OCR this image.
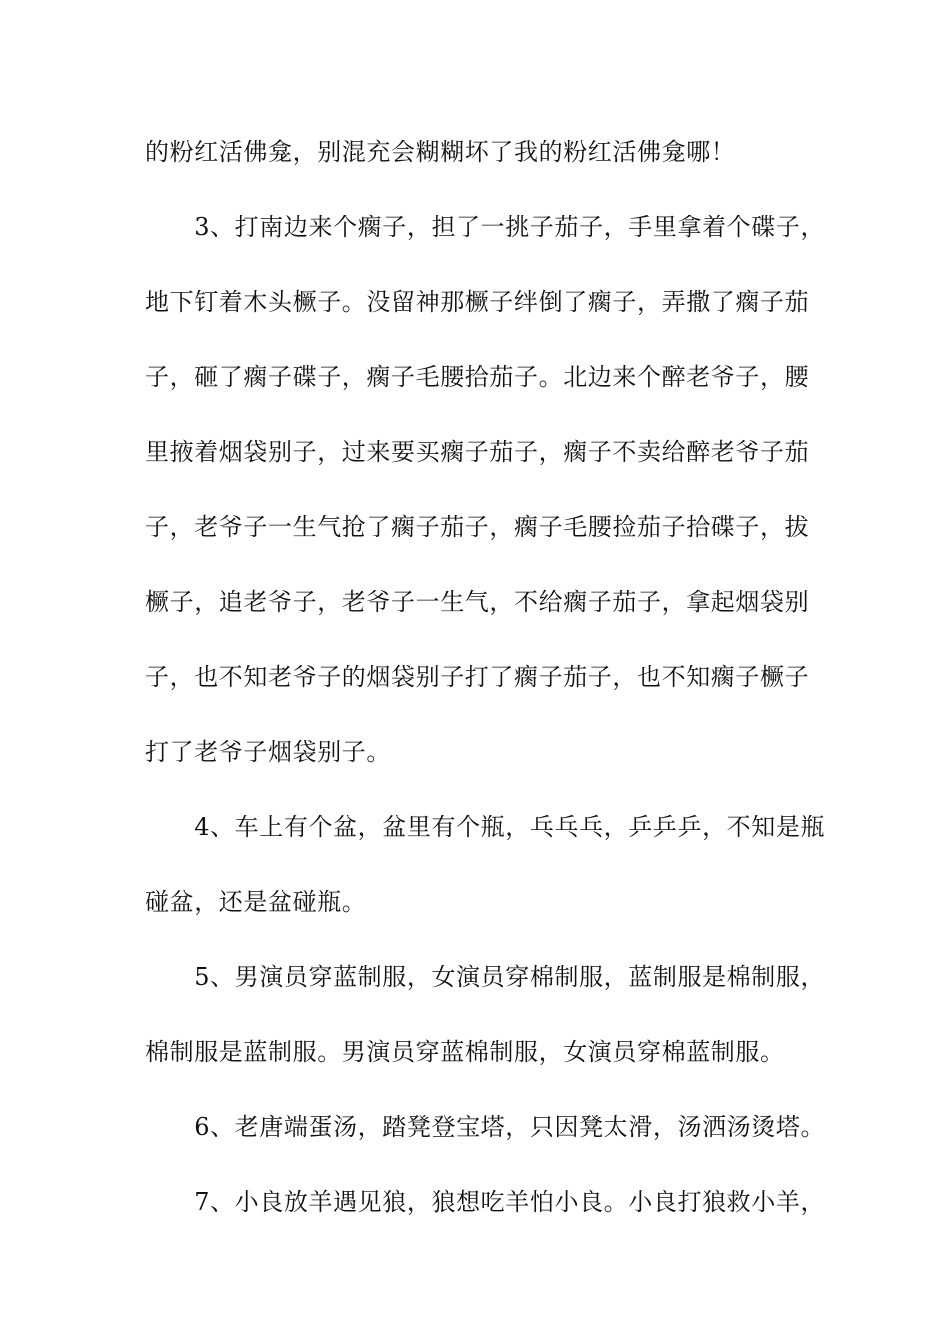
的粉红活佛龛，别混充会糊糊坏了我的粉红活佛龛哪！
　　3、打南边来个瘸子，担了一挑子茄子，手里拿着个碟子，
地下钉着木头橛子。没留神那橛子绊倒了瘸子，弄撒了瘸子茄
子，砸了瘸子碟子，瘸子毛腰拾茄子。北边来个醉老爷子，腰
里掖着烟袋别子，过来要买瘸子茄子，瘸子不卖给醉老爷子茄
子，老爷子一生气抢了瘸子茄子，瘸子毛腰捡茄子拾碟子，拔
橛子，追老爷子，老爷子一生气，不给瘸子茄子，拿起烟袋别
子，也不知老爷子的烟袋别子打了瘸子茄子，也不知瘸子橛子
打了老爷子烟袋别子。
　　4、车上有个盆，盆里有个瓶，乓乓乓，乒乒乒，不知是瓶
碰盆，还是盆碰瓶。
　　5、男演员穿蓝制服，女演员穿棉制服，蓝制服是棉制服，
棉制服是蓝制服。男演员穿蓝棉制服，女演员穿棉蓝制服。
　　6、老唐端蛋汤，踏凳登宝塔，只因凳太滑，汤洒汤烫塔。
　　7、小良放羊遇见狼，狼想吃羊怕小良。小良打狼救小羊，
